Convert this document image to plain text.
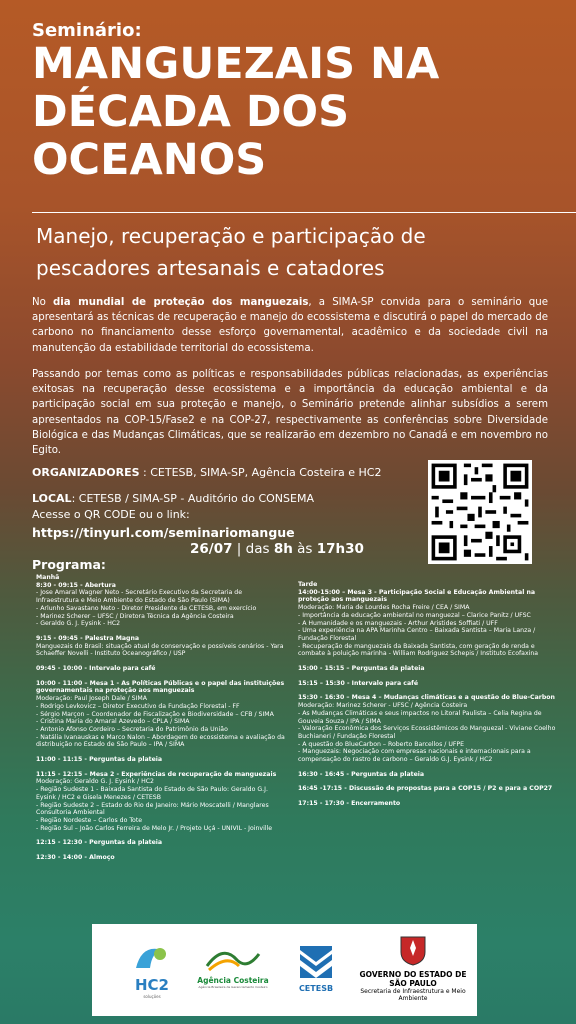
Seminário:
MANGUEZAIS NA
DÉCADA DOS
OCEANOS
Manejo, recuperação e participação de
pescadores artesanais e catadores
No dia mundial de proteção dos manguezais, a SIMA-SP convida para o seminário que apresentará as técnicas de recuperação e manejo do ecossistema e discutirá o papel do mercado de carbono no financiamento desse esforço governamental, acadêmico e da sociedade civil na manutenção da estabilidade territorial do ecossistema.
Passando por temas como as políticas e responsabilidades públicas relacionadas, as experiências exitosas na recuperação desse ecossistema e a importância da educação ambiental e da participação social em sua proteção e manejo, o Seminário pretende alinhar subsídios a serem apresentados na COP-15/Fase2 e na COP-27, respectivamente as conferências sobre Diversidade Biológica e das Mudanças Climáticas, que se realizarão em dezembro no Canadá e em novembro no Egito.
ORGANIZADORES : CETESB, SIMA-SP, Agência Costeira e HC2
LOCAL: CETESB / SIMA-SP - Auditório do CONSEMA
Acesse o QR CODE ou o link:
https://tinyurl.com/seminariomangue
26/07 | das 8h às 17h30
Programa:
Manhã
8:30 - 09:15 - Abertura
- Jose Amaral Wagner Neto - Secretário Executivo da Secretaria de Infraestrutura e Meio Ambiente do Estado de São Paulo (SIMA)
- Arlunho Savastano Neto - Diretor Presidente da CETESB, em exercício
- Marinez Scherer – UFSC / Diretora Técnica da Agência Costeira
- Geraldo G. J. Eysink - HC2
9:15 - 09:45 - Palestra Magna
Manguezais do Brasil: situação atual de conservação e possíveis cenários - Yara Schaeffer Novelli - Instituto Oceanográfico / USP
09:45 - 10:00 - Intervalo para café
10:00 - 11:00 – Mesa 1 - As Políticas Públicas e o papel das instituições governamentais na proteção aos manguezais
Moderação: Paul Joseph Dale / SIMA
- Rodrigo Levkovicz – Diretor Executivo da Fundação Florestal - FF
- Sérgio Marçon – Coordenador de Fiscalização e Biodiversidade – CFB / SIMA
- Cristina Maria do Amaral Azevedo – CPLA / SIMA
- Antonio Afonso Cordeiro – Secretaria do Patrimônio da União
- Natália Ivanauskas e Marco Nalon – Abordagem do ecossistema e avaliação da distribuição no Estado de São Paulo – IPA / SIMA
11:00 - 11:15 - Perguntas da plateia
11:15 - 12:15 – Mesa 2 - Experiências de recuperação de manguezais
Moderação: Geraldo G. J. Eysink / HC2
- Região Sudeste 1 - Baixada Santista do Estado de São Paulo: Geraldo G.J. Eysink / HC2 e Gisela Menezes / CETESB
- Região Sudeste 2 – Estado do Rio de Janeiro: Mário Moscatelli / Manglares Consultoria Ambiental
- Região Nordeste – Carlos do Tote
- Região Sul – João Carlos Ferreira de Melo Jr. / Projeto Uçá - UNIVIL - Joinville
12:15 - 12:30 - Perguntas da plateia
12:30 - 14:00 - Almoço
Tarde
14:00-15:00 – Mesa 3 - Participação Social e Educação Ambiental na proteção aos manguezais
Moderação: Maria de Lourdes Rocha Freire / CEA / SIMA
- Importância da educação ambiental no manguezal – Clarice Panitz / UFSC
- A Humanidade e os manguezais - Arthur Aristides Soffiati / UFF
- Uma experiência na APA Marinha Centro – Baixada Santista – Maria Lanza / Fundação Florestal
- Recuperação de manguezais da Baixada Santista, com geração de renda e combate à poluição marinha - William Rodriguez Schepis / Instituto Ecofaxina
15:00 - 15:15 – Perguntas da plateia
15:15 – 15:30 - Intervalo para café
15:30 - 16:30 – Mesa 4 – Mudanças climáticas e a questão do Blue-Carbon
Moderação: Marinez Scherer - UFSC / Agência Costeira
- As Mudanças Climáticas e seus impactos no Litoral Paulista – Celia Regina de Gouveia Souza / IPA / SIMA
- Valoração Econômica dos Serviços Ecossistêmicos do Manguezal - Viviane Coelho Buchianeri / Fundação Florestal
- A questão do BlueCarbon – Roberto Barcellos / UFPE
- Manguezais: Negociação com empresas nacionais e internacionais para a compensação do rastro de carbono – Geraldo G.J. Eysink / HC2
16:30 - 16:45 - Perguntas da plateia
16:45 -17:15 - Discussão de propostas para a COP15 / P2 e para a COP27
17:15 - 17:30 - Encerramento
HC2
soluções
Agência Costeira
Agência Brasileira de Gerenciamento Costeiro	CETESB
GOVERNO DO ESTADO DE SÃO PAULO
Secretaria de Infraestrutura e Meio Ambiente
